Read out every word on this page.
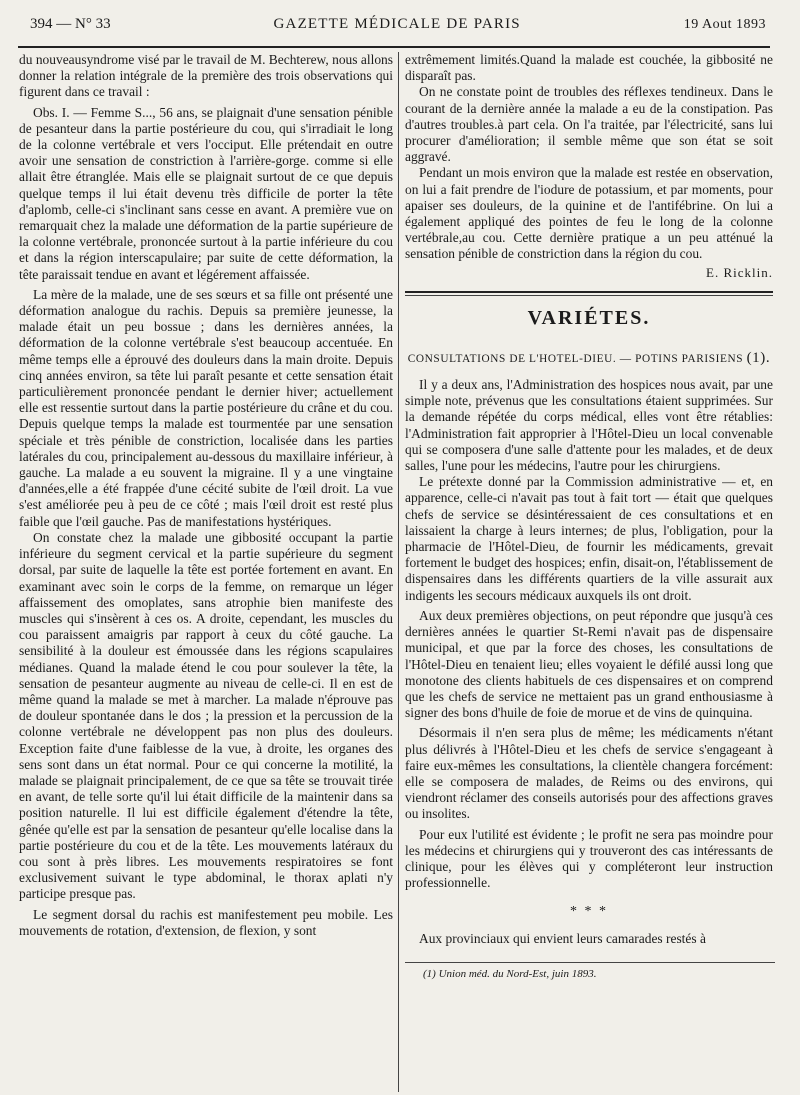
394 — N° 33	GAZETTE MÉDICALE DE PARIS	19 Aout 1893

du nouveausyndrome visé par le travail de M. Bechterew, nous allons donner la relation intégrale de la première des trois observations qui figurent dans ce travail :

Obs. I. — Femme S..., 56 ans, se plaignait d'une sensation pénible de pesanteur dans la partie postérieure du cou, qui s'irradiait le long de la colonne vertébrale et vers l'occiput. Elle prétendait en outre avoir une sensation de constriction à l'arrière-gorge. comme si elle allait être étranglée. Mais elle se plaignait surtout de ce que depuis quelque temps il lui était devenu très difficile de porter la tête d'aplomb, celle-ci s'inclinant sans cesse en avant. A première vue on remarquait chez la malade une déformation de la partie supérieure de la colonne vertébrale, prononcée surtout à la partie inférieure du cou et dans la région interscapulaire; par suite de cette déformation, la tête paraissait tendue en avant et légérement affaissée.

La mère de la malade, une de ses sœurs et sa fille ont présenté une déformation analogue du rachis. Depuis sa première jeunesse, la malade était un peu bossue ; dans les dernières années, la déformation de la colonne vertébrale s'est beaucoup accentuée. En même temps elle a éprouvé des douleurs dans la main droite. Depuis cinq années environ, sa tête lui paraît pesante et cette sensation était particulièrement prononcée pendant le dernier hiver; actuellement elle est ressentie surtout dans la partie postérieure du crâne et du cou. Depuis quelque temps la malade est tourmentée par une sensation spéciale et très pénible de constriction, localisée dans les parties latérales du cou, principalement au-dessous du maxillaire inférieur, à gauche. La malade a eu souvent la migraine. Il y a une vingtaine d'années,elle a été frappée d'une cécité subite de l'œil droit. La vue s'est améliorée peu à peu de ce côté ; mais l'œil droit est resté plus faible que l'œil gauche. Pas de manifestations hystériques.

On constate chez la malade une gibbosité occupant la partie inférieure du segment cervical et la partie supérieure du segment dorsal, par suite de laquelle la tête est portée fortement en avant. En examinant avec soin le corps de la femme, on remarque un léger affaissement des omoplates, sans atrophie bien manifeste des muscles qui s'insèrent à ces os. A droite, cependant, les muscles du cou paraissent amaigris par rapport à ceux du côté gauche. La sensibilité à la douleur est émoussée dans les régions scapulaires médianes. Quand la malade étend le cou pour soulever la tête, la sensation de pesanteur augmente au niveau de celle-ci. Il en est de même quand la malade se met à marcher. La malade n'éprouve pas de douleur spontanée dans le dos ; la pression et la percussion de la colonne vertébrale ne développent pas non plus des douleurs. Exception faite d'une faiblesse de la vue, à droite, les organes des sens sont dans un état normal. Pour ce qui concerne la motilité, la malade se plaignait principalement, de ce que sa tête se trouvait tirée en avant, de telle sorte qu'il lui était difficile de la maintenir dans sa position naturelle. Il lui est difficile également d'étendre la tête, gênée qu'elle est par la sensation de pesanteur qu'elle localise dans la partie postérieure du cou et de la tête. Les mouvements latéraux du cou sont à près libres. Les mouvements respiratoires se font exclusivement suivant le type abdominal, le thorax aplati n'y participe presque pas.

Le segment dorsal du rachis est manifestement peu mobile. Les mouvements de rotation, d'extension, de flexion, y sont

extrêmement limités.Quand la malade est couchée, la gibbosité ne disparaît pas.

On ne constate point de troubles des réflexes tendineux. Dans le courant de la dernière année la malade a eu de la constipation. Pas d'autres troubles.à part cela. On l'a traitée, par l'électricité, sans lui procurer d'amélioration; il semble même que son état se soit aggravé.

Pendant un mois environ que la malade est restée en observation, on lui a fait prendre de l'iodure de potassium, et par moments, pour apaiser ses douleurs, de la quinine et de l'antifébrine. On lui a également appliqué des pointes de feu le long de la colonne vertébrale,au cou. Cette dernière pratique a un peu atténué la sensation pénible de constriction dans la région du cou.

E. Ricklin.

VARIÉTES.
CONSULTATIONS DE L'HOTEL-DIEU. — POTINS PARISIENS (1).

Il y a deux ans, l'Administration des hospices nous avait, par une simple note, prévenus que les consultations étaient supprimées. Sur la demande répétée du corps médical, elles vont être rétablies: l'Administration fait approprier à l'Hôtel-Dieu un local convenable qui se composera d'une salle d'attente pour les malades, et de deux salles, l'une pour les médecins, l'autre pour les chirurgiens.

Le prétexte donné par la Commission administrative — et, en apparence, celle-ci n'avait pas tout à fait tort — était que quelques chefs de service se désintéressaient de ces consultations et en laissaient la charge à leurs internes; de plus, l'obligation, pour la pharmacie de l'Hôtel-Dieu, de fournir les médicaments, grevait fortement le budget des hospices; enfin, disait-on, l'établissement de dispensaires dans les différents quartiers de la ville assurait aux indigents les secours médicaux auxquels ils ont droit.

Aux deux premières objections, on peut répondre que jusqu'à ces dernières années le quartier St-Remi n'avait pas de dispensaire municipal, et que par la force des choses, les consultations de l'Hôtel-Dieu en tenaient lieu; elles voyaient le défilé aussi long que monotone des clients habituels de ces dispensaires et on comprend que les chefs de service ne mettaient pas un grand enthousiasme à signer des bons d'huile de foie de morue et de vins de quinquina.

Désormais il n'en sera plus de même; les médicaments n'étant plus délivrés à l'Hôtel-Dieu et les chefs de service s'engageant à faire eux-mêmes les consultations, la clientèle changera forcément: elle se composera de malades, de Reims ou des environs, qui viendront réclamer des conseils autorisés pour des affections graves ou insolites.

Pour eux l'utilité est évidente ; le profit ne sera pas moindre pour les médecins et chirurgiens qui y trouveront des cas intéressants de clinique, pour les élèves qui y compléteront leur instruction professionnelle.

* * *

Aux provinciaux qui envient leurs camarades restés à

(1) Union méd. du Nord-Est, juin 1893.
